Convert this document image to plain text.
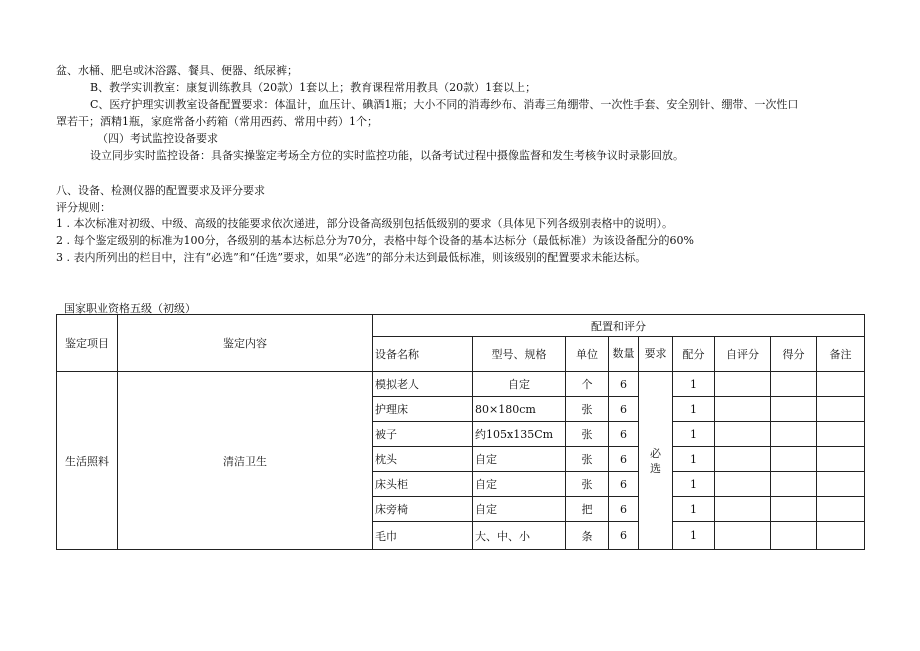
盆、水桶、肥皂或沐浴露、餐具、便器、纸尿裤；
B、教学实训教室：康复训练教具（20款）1套以上；教育课程常用教具（20款）1套以上；
C、医疗护理实训教室设备配置要求：体温计，血压计、碘酒1瓶；大小不同的消毒纱布、消毒三角绷带、一次性手套、安全别针、绷带、一次性口
罩若干；酒精1瓶，家庭常备小药箱（常用西药、常用中药）1个；
（四）考试监控设备要求
设立同步实时监控设备：具备实操鉴定考场全方位的实时监控功能，以备考试过程中摄像监督和发生考核争议时录影回放。
八、设备、检测仪器的配置要求及评分要求
评分规则：
1 . 本次标准对初级、中级、高级的技能要求依次递进，部分设备高级别包括低级别的要求（具体见下列各级别表格中的说明）。
2 . 每个鉴定级别的标准为100分，各级别的基本达标总分为70分，表格中每个设备的基本达标分（最低标准）为该设备配分的60%
3 . 表内所列出的栏目中，注有“必选”和“任选”要求，如果“必选”的部分未达到最低标准，则该级别的配置要求未能达标。
国家职业资格五级（初级）
鉴定项目	鉴定内容	配置和评分								
		设备名称	型号、规格	单位	数量	要求	配分	自评分	得分	备注
生活照料	清洁卫生	模拟老人	自定	个	6	必选	1			
		护理床	80×180cm	张	6		1			
		被子	约105x135Cm	张	6		1			
		枕头	自定	张	6		1			
		床头柜	自定	张	6		1			
		床旁椅	自定	把	6		1			
		毛巾	大、中、小	条	6		1			
